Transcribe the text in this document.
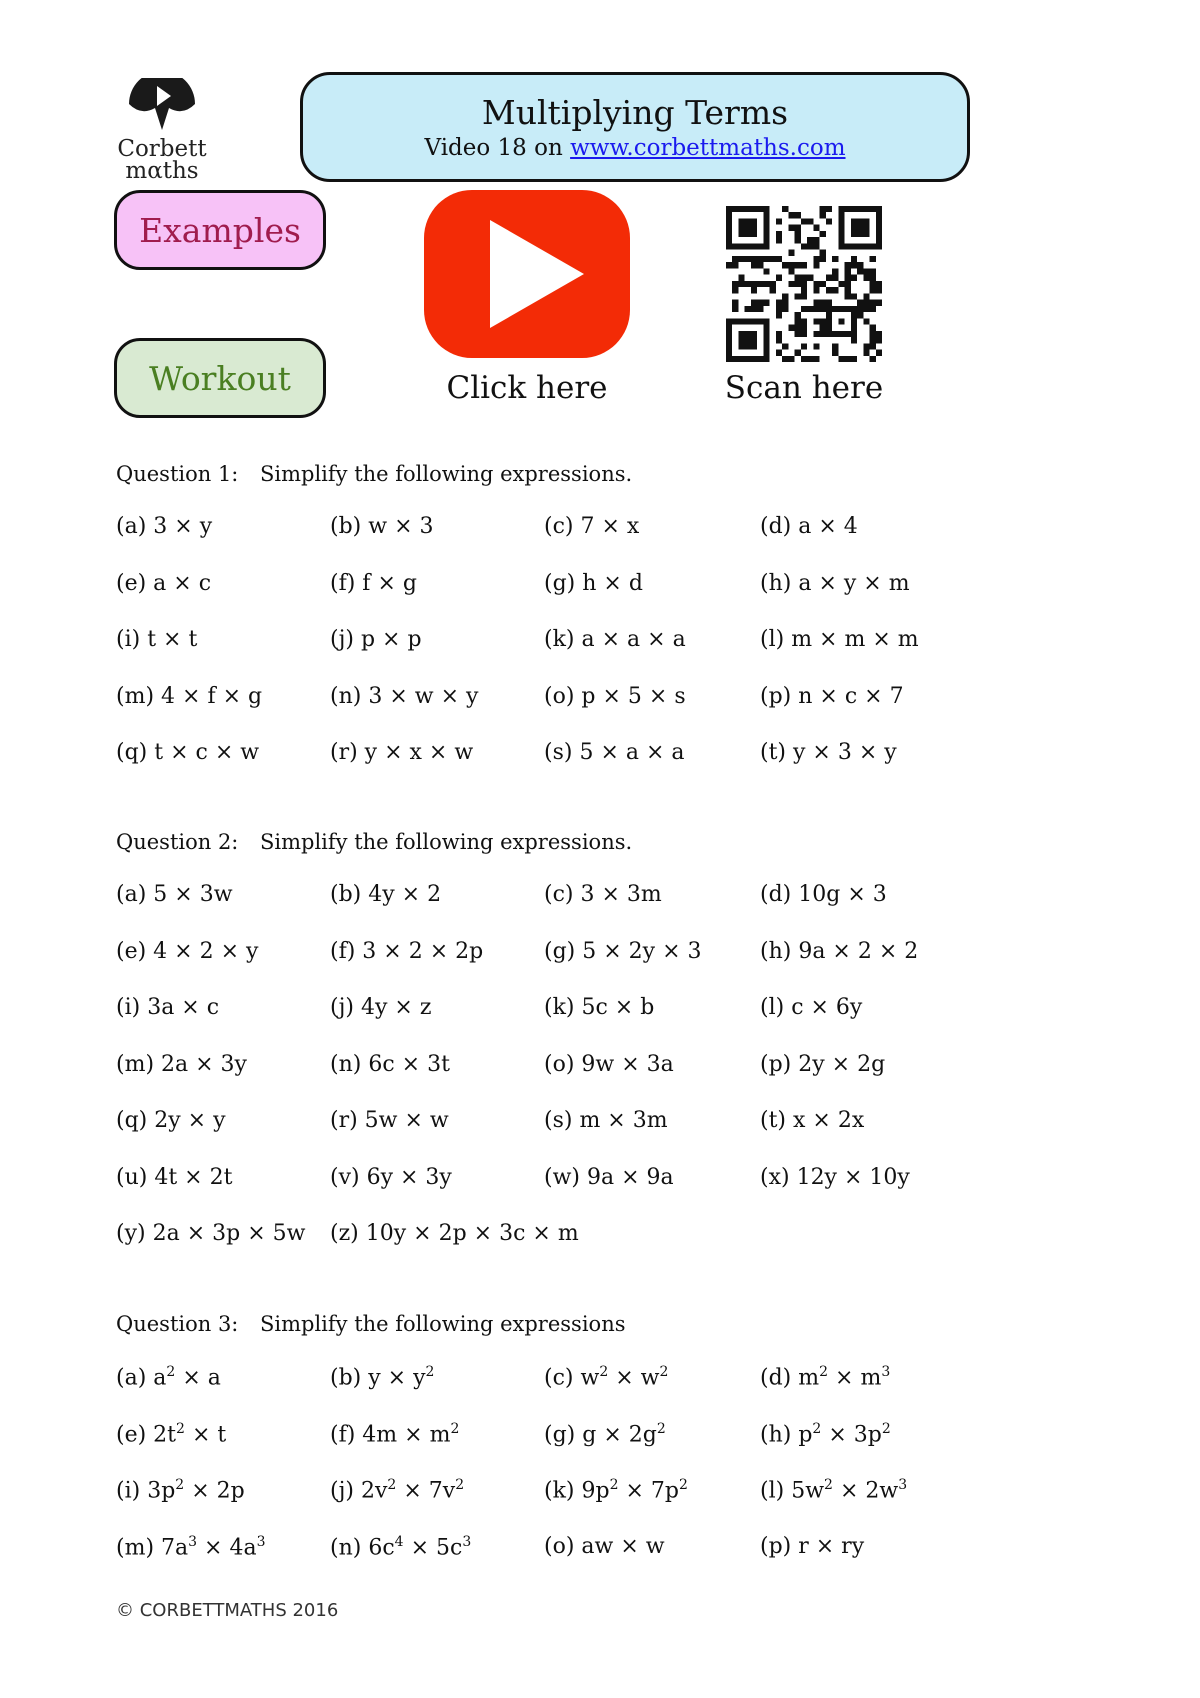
Corbett
mαths
Multiplying Terms
Video 18 on www.corbettmaths.com
Examples
Workout	Click here	Scan here
Question 1: Simplify the following expressions.
(a) 3 × y	(b) w × 3	(c) 7 × x	(d) a × 4
(e) a × c	(f) f × g	(g) h × d	(h) a × y × m
(i) t × t	(j) p × p	(k) a × a × a	(l) m × m × m
(m) 4 × f × g	(n) 3 × w × y	(o) p × 5 × s	(p) n × c × 7
(q) t × c × w	(r) y × x × w	(s) 5 × a × a	(t) y × 3 × y
Question 2: Simplify the following expressions.
(a) 5 × 3w	(b) 4y × 2	(c) 3 × 3m	(d) 10g × 3
(e) 4 × 2 × y	(f) 3 × 2 × 2p	(g) 5 × 2y × 3	(h) 9a × 2 × 2
(i) 3a × c	(j) 4y × z	(k) 5c × b	(l) c × 6y
(m) 2a × 3y	(n) 6c × 3t	(o) 9w × 3a	(p) 2y × 2g
(q) 2y × y	(r) 5w × w	(s) m × 3m	(t) x × 2x
(u) 4t × 2t	(v) 6y × 3y	(w) 9a × 9a	(x) 12y × 10y
(y) 2a × 3p × 5w (z) 10y × 2p × 3c × m
Question 3: Simplify the following expressions
(a) $a^2 \times a$	(b) $y \times y^2$	(c) $w^2 \times w^2$	(d) $m^2 \times m^3$
(e) $2t^2 \times t$	(f) $4m \times m^2$	(g) $g \times 2g^2$	(h) $p^2 \times 3p^2$
(i) $3p^2 \times 2p$	(j) $2v^2 \times 7v^2$	(k) $9p^2 \times 7p^2$	(l) $5w^2 \times 2w^3$
(m) $7a^3 \times 4a^3$	(n) $6c^4 \times 5c^3$	(o) aw × w	(p) r × ry
© CORBETTMATHS 2016
